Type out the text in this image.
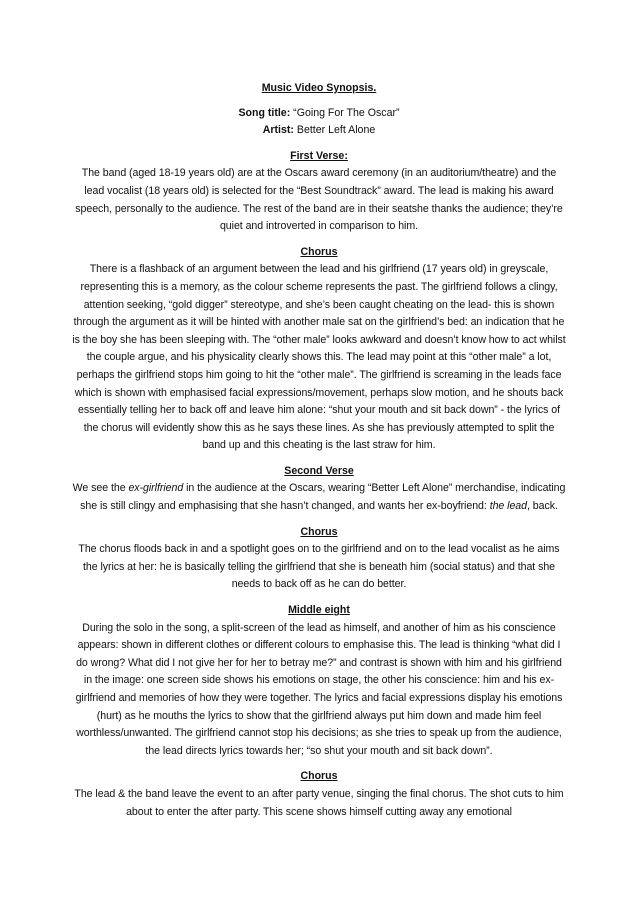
Music Video Synopsis.

Song title: “Going For The Oscar”

Artist: Better Left Alone

First Verse:

The band (aged 18-19 years old) are at the Oscars award ceremony (in an auditorium/theatre) and the lead vocalist (18 years old) is selected for the “Best Soundtrack” award. The lead is making his award speech, personally to the audience. The rest of the band are in their seatshe thanks the audience; they’re quiet and introverted in comparison to him.

Chorus

There is a flashback of an argument between the lead and his girlfriend (17 years old) in greyscale, representing this is a memory, as the colour scheme represents the past. The girlfriend follows a clingy, attention seeking, “gold digger” stereotype, and she’s been caught cheating on the lead- this is shown through the argument as it will be hinted with another male sat on the girlfriend’s bed: an indication that he is the boy she has been sleeping with. The “other male” looks awkward and doesn’t know how to act whilst the couple argue, and his physicality clearly shows this. The lead may point at this “other male” a lot, perhaps the girlfriend stops him going to hit the “other male”. The girlfriend is screaming in the leads face which is shown with emphasised facial expressions/movement, perhaps slow motion, and he shouts back essentially telling her to back off and leave him alone: “shut your mouth and sit back down” - the lyrics of the chorus will evidently show this as he says these lines. As she has previously attempted to split the band up and this cheating is the last straw for him.

Second Verse

We see the ex-girlfriend in the audience at the Oscars, wearing “Better Left Alone” merchandise, indicating she is still clingy and emphasising that she hasn’t changed, and wants her ex-boyfriend: the lead, back.

Chorus

The chorus floods back in and a spotlight goes on to the girlfriend and on to the lead vocalist as he aims the lyrics at her: he is basically telling the girlfriend that she is beneath him (social status) and that she needs to back off as he can do better.

Middle eight

During the solo in the song, a split-screen of the lead as himself, and another of him as his conscience appears: shown in different clothes or different colours to emphasise this. The lead is thinking “what did I do wrong? What did I not give her for her to betray me?” and contrast is shown with him and his girlfriend in the image: one screen side shows his emotions on stage, the other his conscience: him and his ex-girlfriend and memories of how they were together. The lyrics and facial expressions display his emotions (hurt) as he mouths the lyrics to show that the girlfriend always put him down and made him feel worthless/unwanted. The girlfriend cannot stop his decisions; as she tries to speak up from the audience, the lead directs lyrics towards her; “so shut your mouth and sit back down”.

Chorus

The lead & the band leave the event to an after party venue, singing the final chorus. The shot cuts to him about to enter the after party. This scene shows himself cutting away any emotional
